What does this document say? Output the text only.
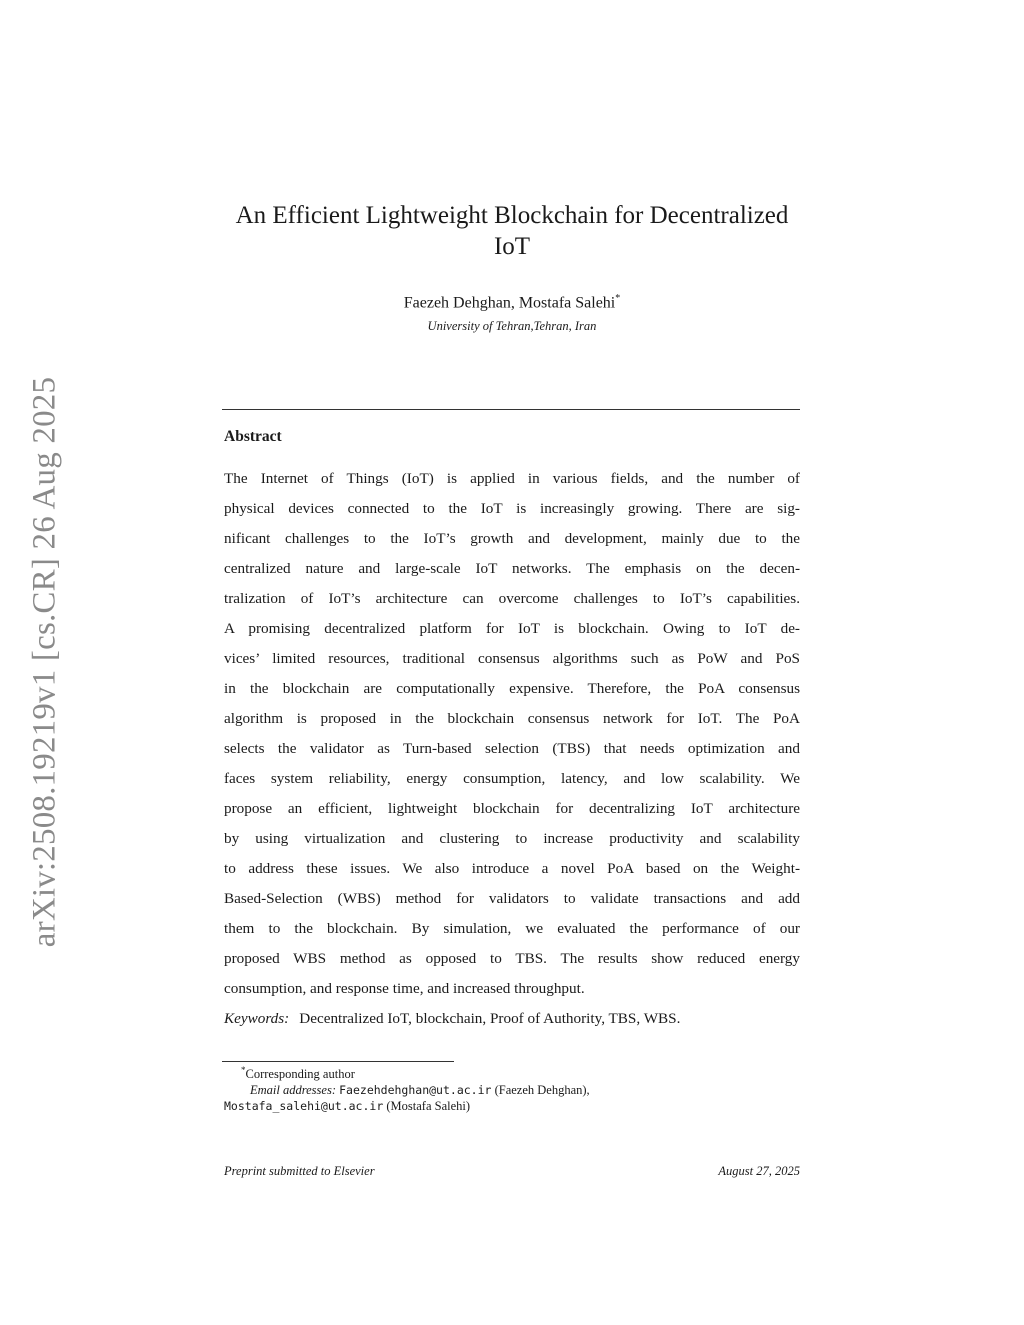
arXiv:2508.19219v1 [cs.CR] 26 Aug 2025
An Efficient Lightweight Blockchain for Decentralized
IoT
Faezeh Dehghan, Mostafa Salehi*
University of Tehran,Tehran, Iran
Abstract
The Internet of Things (IoT) is applied in various fields, and the number of
physical devices connected to the IoT is increasingly growing. There are sig-
nificant challenges to the IoT’s growth and development, mainly due to the
centralized nature and large-scale IoT networks. The emphasis on the decen-
tralization of IoT’s architecture can overcome challenges to IoT’s capabilities.
A promising decentralized platform for IoT is blockchain. Owing to IoT de-
vices’ limited resources, traditional consensus algorithms such as PoW and PoS
in the blockchain are computationally expensive. Therefore, the PoA consensus
algorithm is proposed in the blockchain consensus network for IoT. The PoA
selects the validator as Turn-based selection (TBS) that needs optimization and
faces system reliability, energy consumption, latency, and low scalability. We
propose an efficient, lightweight blockchain for decentralizing IoT architecture
by using virtualization and clustering to increase productivity and scalability
to address these issues. We also introduce a novel PoA based on the Weight-
Based-Selection (WBS) method for validators to validate transactions and add
them to the blockchain. By simulation, we evaluated the performance of our
proposed WBS method as opposed to TBS. The results show reduced energy
consumption, and response time, and increased throughput.
Keywords: Decentralized IoT, blockchain, Proof of Authority, TBS, WBS.
*Corresponding author
Email addresses: Faezehdehghan@ut.ac.ir (Faezeh Dehghan),
Mostafa_salehi@ut.ac.ir (Mostafa Salehi)
Preprint submitted to Elsevier	August 27, 2025
